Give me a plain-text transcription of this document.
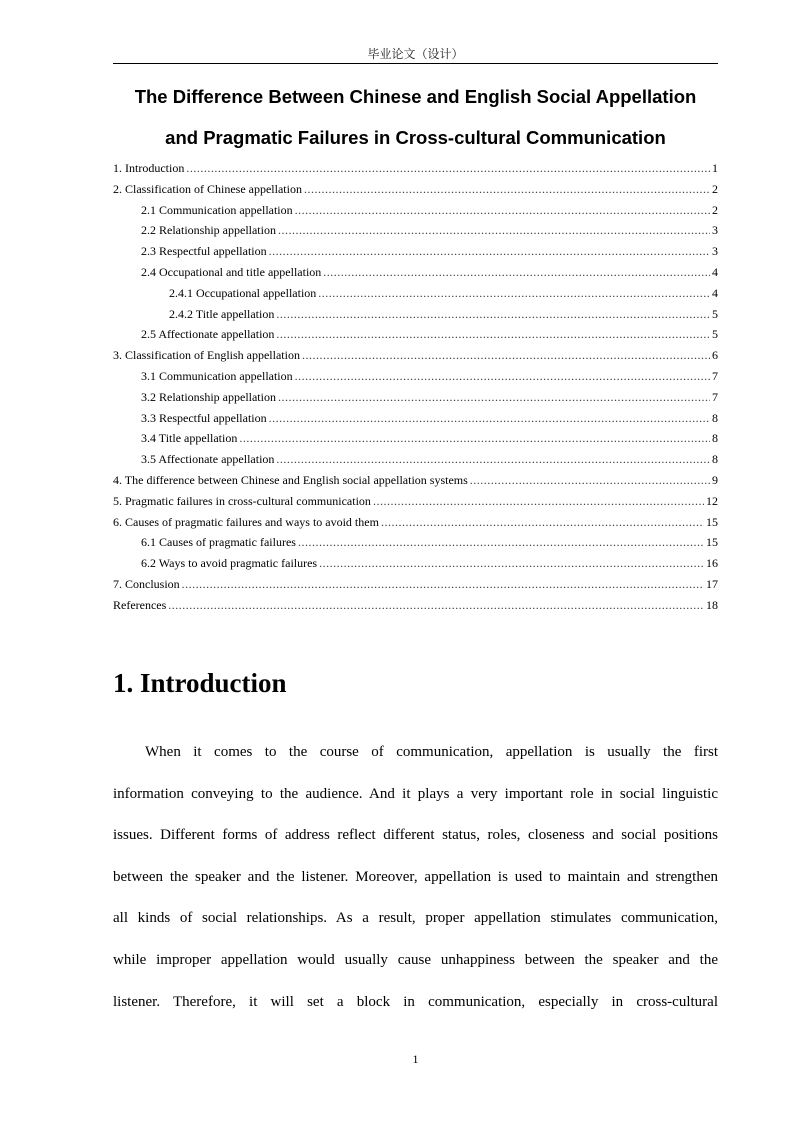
毕业论文（设计）
The Difference Between Chinese and English Social Appellation
and Pragmatic Failures in Cross-cultural Communication
1. Introduction .....	1
2. Classification of Chinese appellation .....	2
2.1 Communication appellation .....	2
2.2 Relationship appellation .....	3
2.3 Respectful appellation .....	3
2.4 Occupational and title appellation .....	4
2.4.1 Occupational appellation .....	4
2.4.2 Title appellation .....	5
2.5 Affectionate appellation .....	5
3. Classification of English appellation .....	6
3.1 Communication appellation .....	7
3.2 Relationship appellation .....	7
3.3 Respectful appellation .....	8
3.4 Title appellation .....	8
3.5 Affectionate appellation .....	8
4. The difference between Chinese and English social appellation systems .....	9
5. Pragmatic failures in cross-cultural communication .....	12
6. Causes of pragmatic failures and ways to avoid them .....	15
6.1 Causes of pragmatic failures .....	15
6.2 Ways to avoid pragmatic failures .....	16
7. Conclusion .....	17
References .....	18
1. Introduction
When it comes to the course of communication, appellation is usually the first
information conveying to the audience. And it plays a very important role in social linguistic
issues. Different forms of address reflect different status, roles, closeness and social positions
between the speaker and the listener. Moreover, appellation is used to maintain and strengthen
all kinds of social relationships. As a result, proper appellation stimulates communication,
while improper appellation would usually cause unhappiness between the speaker and the
listener. Therefore, it will set a block in communication, especially in cross-cultural
1
